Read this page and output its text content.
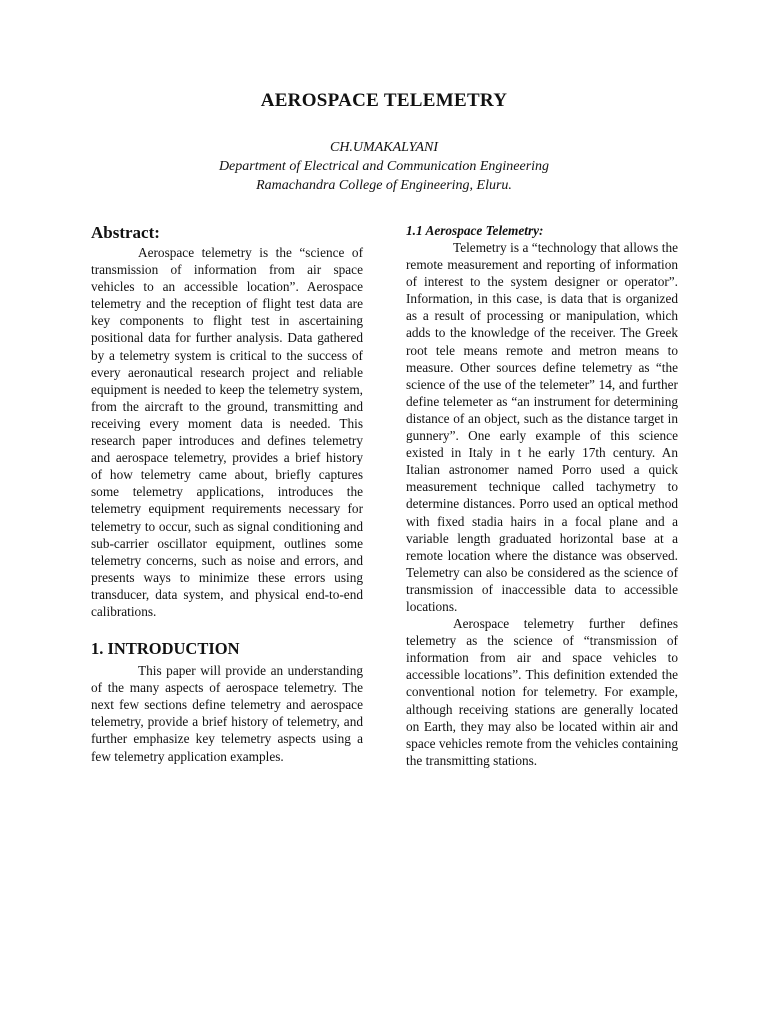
AEROSPACE TELEMETRY
CH.UMAKALYANI
Department of Electrical and Communication Engineering
Ramachandra College of Engineering, Eluru.
Abstract:

Aerospace telemetry is the “science of transmission of information from air space vehicles to an accessible location”. Aerospace telemetry and the reception of flight test data are key components to flight test in ascertaining positional data for further analysis. Data gathered by a telemetry system is critical to the success of every aeronautical research project and reliable equipment is needed to keep the telemetry system, from the aircraft to the ground, transmitting and receiving every moment data is needed. This research paper introduces and defines telemetry and aerospace telemetry, provides a brief history of how telemetry came about, briefly captures some telemetry applications, introduces the telemetry equipment requirements necessary for telemetry to occur, such as signal conditioning and sub-carrier oscillator equipment, outlines some telemetry concerns, such as noise and errors, and presents ways to minimize these errors using transducer, data system, and physical end-to-end calibrations.

1. INTRODUCTION

This paper will provide an understanding of the many aspects of aerospace telemetry. The next few sections define telemetry and aerospace telemetry, provide a brief history of telemetry, and further emphasize key telemetry aspects using a few telemetry application examples.

1.1 Aerospace Telemetry:

Telemetry is a “technology that allows the remote measurement and reporting of information of interest to the system designer or operator”. Information, in this case, is data that is organized as a result of processing or manipulation, which adds to the knowledge of the receiver. The Greek root tele means remote and metron means to measure. Other sources define telemetry as “the science of the use of the telemeter” 14, and further define telemeter as “an instrument for determining distance of an object, such as the distance target in gunnery”. One early example of this science existed in Italy in t he early 17th century. An Italian astronomer named Porro used a quick measurement technique called tachymetry to determine distances. Porro used an optical method with fixed stadia hairs in a focal plane and a variable length graduated horizontal base at a remote location where the distance was observed. Telemetry can also be considered as the science of transmission of inaccessible data to accessible locations.

Aerospace telemetry further defines telemetry as the science of “transmission of information from air and space vehicles to accessible locations”. This definition extended the conventional notion for telemetry. For example, although receiving stations are generally located on Earth, they may also be located within air and space vehicles remote from the vehicles containing the transmitting stations.
